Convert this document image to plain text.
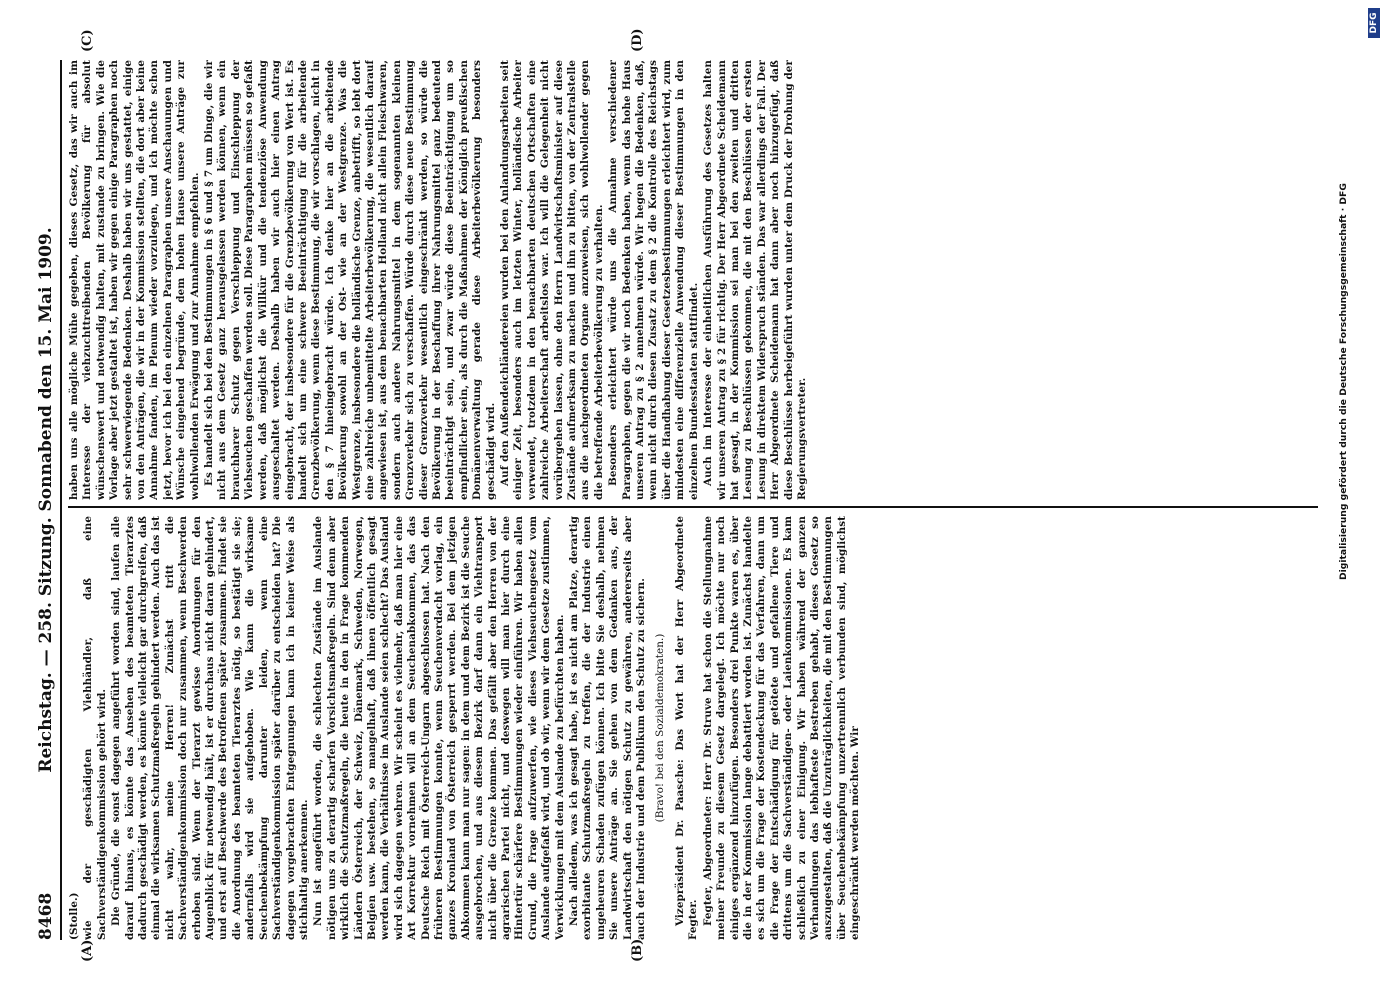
8468
Reichstag. — 258. Sitzung. Sonnabend den 15. Mai 1909.
(A)	(B)
(C)	(D)

(Stolle.) wie der geschädigten Viehhändler, daß eine Sachverständigenkommission gehört wird. Die Gründe, die sonst dagegen angeführt worden sind, laufen alle darauf hinaus, es könnte das Ansehen des beamteten Tierarztes dadurch geschädigt werden, es könnte vielleicht gar durchgreifen, daß einmal die wirksamen Schutzmaßregeln gehindert werden. Auch das ist nicht wahr, meine Herren! Zunächst tritt die Sachverständigenkommission doch nur zusammen, wenn Beschwerden erhoben sind. Wenn der Tierarzt gewisse Anordnungen für den Augenblick für notwendig hält, ist er durchaus nicht daran gehindert, und erst auf Beschwerde des Betroffenen später zusammen. Findet sie die Anordnung des beamteten Tierarztes nötig, so bestätigt sie sie; andernfalls wird sie aufgehoben. Wie kann die wirksame Seuchenbekämpfung darunter leiden, wenn eine Sachverständigenkommission später darüber zu entscheiden hat? Die dagegen vorgebrachten Entgegnungen kann ich in keiner Weise als stichhaltig anerkennen. Nun ist angeführt worden, die schlechten Zustände im Auslande nötigen uns zu derartig scharfen Vorsichtsmaßregeln. Sind denn aber wirklich die Schutzmaßregeln, die heute in den in Frage kommenden Ländern Österreich, der Schweiz, Dänemark, Schweden, Norwegen, Belgien usw. bestehen, so mangelhaft, daß ihnen öffentlich gesagt werden kann, die Verhältnisse im Auslande seien schlecht? Das Ausland wird sich dagegen wehren. Wir scheint es vielmehr, daß man hier eine Art Korrektur vornehmen will an dem Seuchenabkommen, das das Deutsche Reich mit Österreich-Ungarn abgeschlossen hat. Nach den früheren Bestimmungen konnte, wenn Seuchenverdacht vorlag, ein ganzes Kronland von Österreich gesperrt werden. Bei dem jetzigen Abkommen kann man nur sagen: in dem und dem Bezirk ist die Seuche ausgebrochen, und aus diesem Bezirk darf dann ein Viehtransport nicht über die Grenze kommen. Das gefällt aber den Herren von der agrarischen Partei nicht, und deswegen will man hier durch eine Hintertür schärfere Bestimmungen wieder einführen. Wir haben allen Grund, die Frage aufzuwerfen, wie dieses Viehseuchengesetz vom Auslande aufgefaßt wird, und ob wir, wenn wir dem Gesetze zustimmen, Verwicklungen mit dem Auslande zu befürchten haben. Nach alledem, was ich gesagt habe, ist es nicht am Platze, derartig exorbitante Schutzmaßregeln zu treffen, die der Industrie einen ungeheuren Schaden zufügen können. Ich bitte Sie deshalb, nehmen Sie unsere Anträge an. Sie gehen von dem Gedanken aus, der Landwirtschaft den nötigen Schutz zu gewähren, andererseits aber auch der Industrie und dem Publikum den Schutz zu sichern. (Bravo! bei den Sozialdemokraten.) Vizepräsident Dr. Paasche: Das Wort hat der Herr Abgeordnete Fegter. Fegter, Abgeordneter: Herr Dr. Struve hat schon die Stellungnahme meiner Freunde zu diesem Gesetz dargelegt. Ich möchte nur noch einiges ergänzend hinzufügen. Besonders drei Punkte waren es, über die in der Kommission lange debattiert worden ist. Zunächst handelte es sich um die Frage der Kostendeckung für das Verfahren, dann um die Frage der Entschädigung für getötete und gefallene Tiere und drittens um die Sachverständigen- oder Laienkommissionen. Es kam schließlich zu einer Einigung. Wir haben während der ganzen Verhandlungen das lebhafteste Bestreben gehabt, dieses Gesetz so auszugestalten, daß die Unzuträglichkeiten, die mit den Bestimmungen über Seuchenbekämpfung unzertrennlich verbunden sind, möglichst eingeschränkt werden möchten. Wir

haben uns alle mögliche Mühe gegeben, dieses Gesetz, das wir auch im Interesse der viehzuchttreibenden Bevölkerung für absolut wünschenswert und notwendig halten, mit zustande zu bringen. Wie die Vorlage aber jetzt gestaltet ist, haben wir gegen einige Paragraphen noch sehr schwerwiegende Bedenken. Deshalb haben wir uns gestattet, einige von den Anträgen, die wir in der Kommission stellten, die dort aber keine Annahme fanden, im Plenum wieder vorzulegen, und ich möchte schon jetzt, bevor ich bei den einzelnen Paragraphen unsere Anschauungen und Wünsche eingehend begründe, dem hohen Hause unsere Anträge zur wohlwollenden Erwägung und zur Annahme empfehlen. Es handelt sich bei den Bestimmungen in § 6 und § 7 um Dinge, die wir nicht aus dem Gesetz ganz herausgelassen werden können, wenn ein brauchbarer Schutz gegen Verschleppung und Einschleppung der Viehseuchen geschaffen werden soll. Diese Paragraphen müssen so gefaßt werden, daß möglichst die Willkür und die tendenziöse Anwendung ausgeschaltet werden. Deshalb haben wir auch hier einen Antrag eingebracht, der insbesondere für die Grenzbevölkerung von Wert ist. Es handelt sich um eine schwere Beeinträchtigung für die arbeitende Grenzbevölkerung, wenn diese Bestimmung, die wir vorschlagen, nicht in den § 7 hineingebracht würde. Ich denke hier an die arbeitende Bevölkerung sowohl an der Ost- wie an der Westgrenze. Was die Westgrenze, insbesondere die holländische Grenze, anbetrifft, so lebt dort eine zahlreiche unbemittelte Arbeiterbevölkerung, die wesentlich darauf angewiesen ist, aus dem benachbarten Holland nicht allein Fleischwaren, sondern auch andere Nahrungsmittel in dem sogenannten kleinen Grenzverkehr sich zu verschaffen. Würde durch diese neue Bestimmung dieser Grenzverkehr wesentlich eingeschränkt werden, so würde die Bevölkerung in der Beschaffung ihrer Nahrungsmittel ganz bedeutend beeinträchtigt sein, und zwar würde diese Beeinträchtigung um so empfindlicher sein, als durch die Maßnahmen der Königlich preußischen Domänenverwaltung gerade diese Arbeiterbevölkerung besonders geschädigt wird. Auf den Außendeichländereien wurden bei den Anlandungsarbeiten seit einiger Zeit, besonders auch im letzten Winter, holländische Arbeiter verwendet, trotzdem in den benachbarten deutschen Ortschaften eine zahlreiche Arbeiterschaft arbeitslos war. Ich will die Gelegenheit nicht vorübergehen lassen, ohne den Herrn Landwirtschaftsminister auf diese Zustände aufmerksam zu machen und ihn zu bitten, von der Zentralstelle aus die nachgeordneten Organe anzuweisen, sich wohlwollender gegen die betreffende Arbeiterbevölkerung zu verhalten. Besonders erleichtert würde uns die Annahme verschiedener Paragraphen, gegen die wir noch Bedenken haben, wenn das hohe Haus unseren Antrag zu § 2 annehmen würde. Wir hegen die Bedenken, daß, wenn nicht durch diesen Zusatz zu dem § 2 die Kontrolle des Reichstags über die Handhabung dieser Gesetzesbestimmungen erleichtert wird, zum mindesten eine differenzielle Anwendung dieser Bestimmungen in den einzelnen Bundesstaaten stattfindet. Auch im Interesse der einheitlichen Ausführung des Gesetzes halten wir unseren Antrag zu § 2 für richtig. Der Herr Abgeordnete Scheidemann hat gesagt, in der Kommission sei man bei den zweiten und dritten Lesung zu Beschlüssen gekommen, die mit den Beschlüssen der ersten Lesung in direktem Widerspruch ständen. Das war allerdings der Fall. Der Herr Abgeordnete Scheidemann hat dann aber noch hinzugefügt, daß diese Beschlüsse herbeigeführt wurden unter dem Druck der Drohung der Regierungsvertreter.	Digitalisierung gefördert durch die Deutsche Forschungsgemeinschaft · DFG
DFG
